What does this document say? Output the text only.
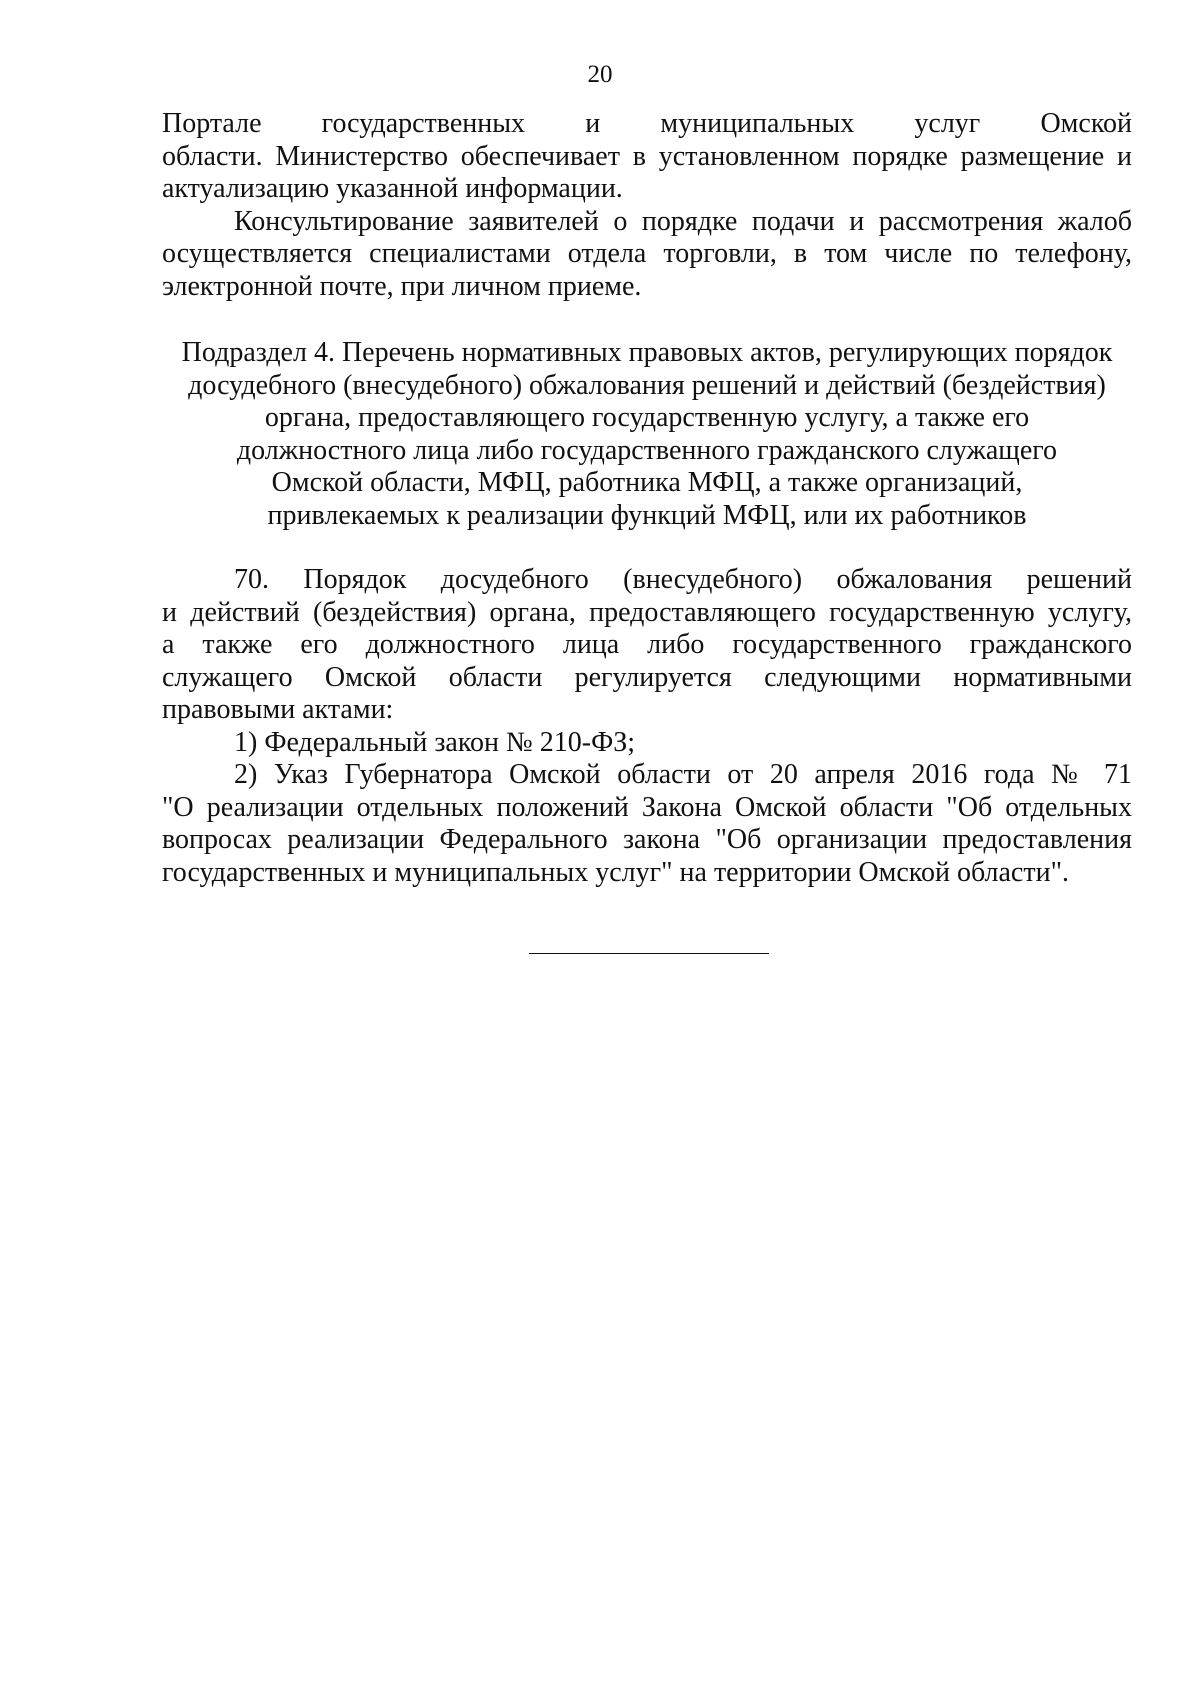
20

Портале государственных и муниципальных услуг Омской
области. Министерство обеспечивает в установленном порядке размещение и
актуализацию указанной информации.

Консультирование заявителей о порядке подачи и рассмотрения жалоб
осуществляется специалистами отдела торговли, в том числе по телефону,
электронной почте, при личном приеме.

Подраздел 4. Перечень нормативных правовых актов, регулирующих порядок
досудебного (внесудебного) обжалования решений и действий (бездействия)
органа, предоставляющего государственную услугу, а также его
должностного лица либо государственного гражданского служащего
Омской области, МФЦ, работника МФЦ, а также организаций,
привлекаемых к реализации функций МФЦ, или их работников

70. Порядок досудебного (внесудебного) обжалования решений
и действий (бездействия) органа, предоставляющего государственную услугу,
а также его должностного лица либо государственного гражданского
служащего Омской области регулируется следующими нормативными
правовыми актами:

1) Федеральный закон № 210-ФЗ;

2) Указ Губернатора Омской области от 20 апреля 2016 года № 71
"О реализации отдельных положений Закона Омской области "Об отдельных
вопросах реализации Федерального закона "Об организации предоставления
государственных и муниципальных услуг" на территории Омской области".
